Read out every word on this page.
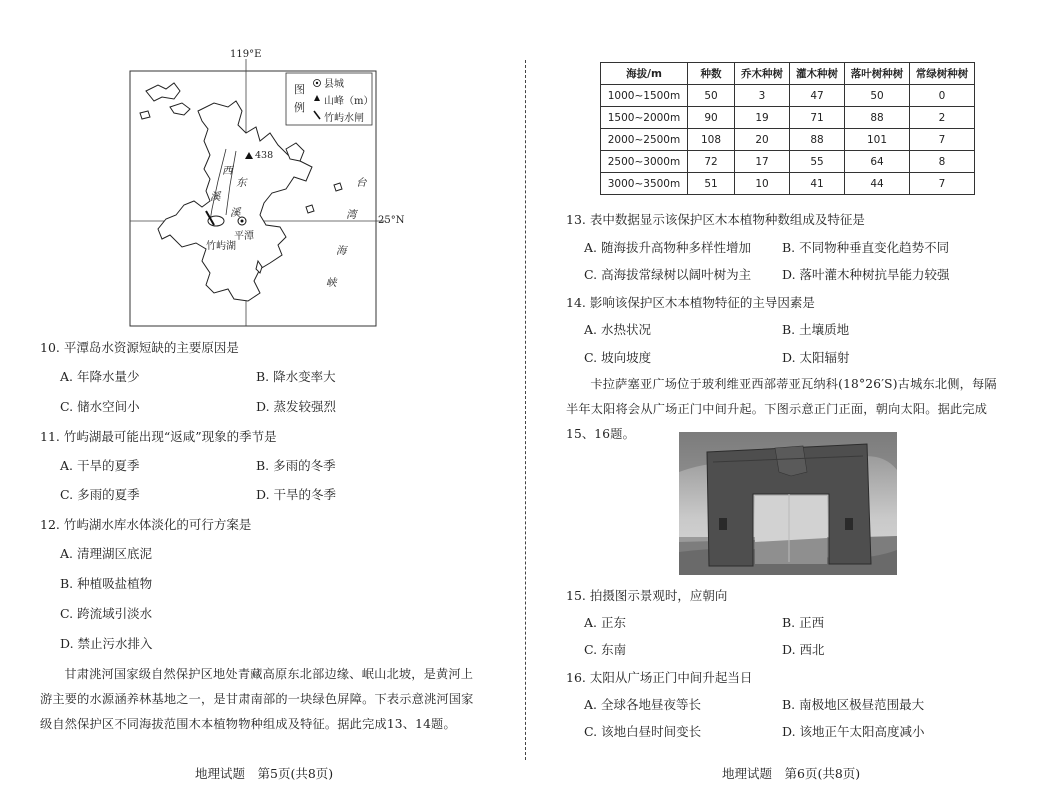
119°E
25°N
图
例
县城
山峰（m）
竹屿水闸
438
西
溪
东
溪
平潭
竹屿湖
台
湾
海
峡
10. 平潭岛水资源短缺的主要原因是
A. 年降水量少	B. 降水变率大
C. 储水空间小	D. 蒸发较强烈
11. 竹屿湖最可能出现“返咸”现象的季节是
A. 干旱的夏季	B. 多雨的冬季
C. 多雨的夏季	D. 干旱的冬季
12. 竹屿湖水库水体淡化的可行方案是
A. 清理湖区底泥
B. 种植吸盐植物
C. 跨流域引淡水
D. 禁止污水排入
甘肃洮河国家级自然保护区地处青藏高原东北部边缘、岷山北坡，是黄河上游主要的水源涵养林基地之一，是甘肃南部的一块绿色屏障。下表示意洮河国家级自然保护区不同海拔范围木本植物物种组成及特征。据此完成13、14题。
地理试题　第5页(共8页)
海拔/m	种数	乔木种树	灌木种树	落叶树种树	常绿树种树
1000~1500m	50	3	47	50	0
1500~2000m	90	19	71	88	2
2000~2500m	108	20	88	101	7
2500~3000m	72	17	55	64	8
3000~3500m	51	10	41	44	7
13. 表中数据显示该保护区木本植物种数组成及特征是
A. 随海拔升高物种多样性增加 B. 不同物种垂直变化趋势不同
C. 高海拔常绿树以阔叶树为主 D. 落叶灌木种树抗旱能力较强
14. 影响该保护区木本植物特征的主导因素是
A. 水热状况	B. 土壤质地
C. 坡向坡度	D. 太阳辐射
卡拉萨塞亚广场位于玻利维亚西部蒂亚瓦纳科(18°26′S)古城东北侧，每隔半年太阳将会从广场正门中间升起。下图示意正门正面，朝向太阳。据此完成15、16题。
15. 拍摄图示景观时，应朝向
A. 正东	B. 正西
C. 东南	D. 西北
16. 太阳从广场正门中间升起当日
A. 全球各地昼夜等长	B. 南极地区极昼范围最大
C. 该地白昼时间变长	D. 该地正午太阳高度减小
地理试题　第6页(共8页)
